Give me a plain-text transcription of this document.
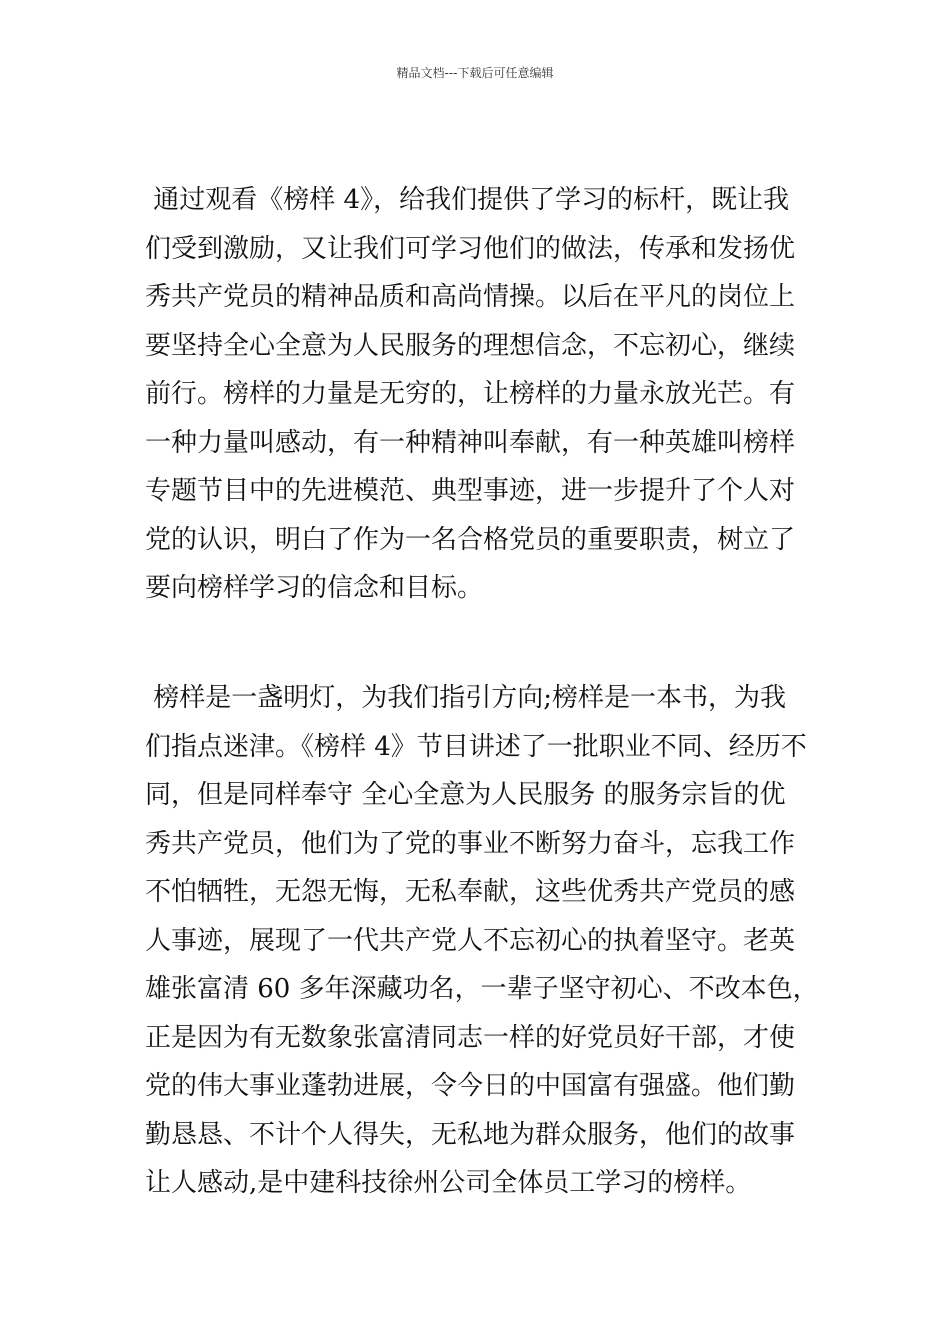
精品文档---下载后可任意编辑
通过观看《榜样 4》，给我们提供了学习的标杆，既让我
们受到激励，又让我们可学习他们的做法，传承和发扬优
秀共产党员的精神品质和高尚情操。以后在平凡的岗位上
要坚持全心全意为人民服务的理想信念，不忘初心，继续
前行。榜样的力量是无穷的，让榜样的力量永放光芒。有
一种力量叫感动，有一种精神叫奉献，有一种英雄叫榜样
专题节目中的先进模范、典型事迹，进一步提升了个人对
党的认识，明白了作为一名合格党员的重要职责，树立了
要向榜样学习的信念和目标。
榜样是一盏明灯，为我们指引方向;榜样是一本书，为我
们指点迷津。《榜样 4》节目讲述了一批职业不同、经历不
同，但是同样奉守 全心全意为人民服务 的服务宗旨的优
秀共产党员，他们为了党的事业不断努力奋斗，忘我工作
不怕牺牲，无怨无悔，无私奉献，这些优秀共产党员的感
人事迹，展现了一代共产党人不忘初心的执着坚守。老英
雄张富清 60 多年深藏功名，一辈子坚守初心、不改本色，
正是因为有无数象张富清同志一样的好党员好干部，才使
党的伟大事业蓬勃进展，令今日的中国富有强盛。他们勤
勤恳恳、不计个人得失，无私地为群众服务，他们的故事
让人感动,是中建科技徐州公司全体员工学习的榜样。
